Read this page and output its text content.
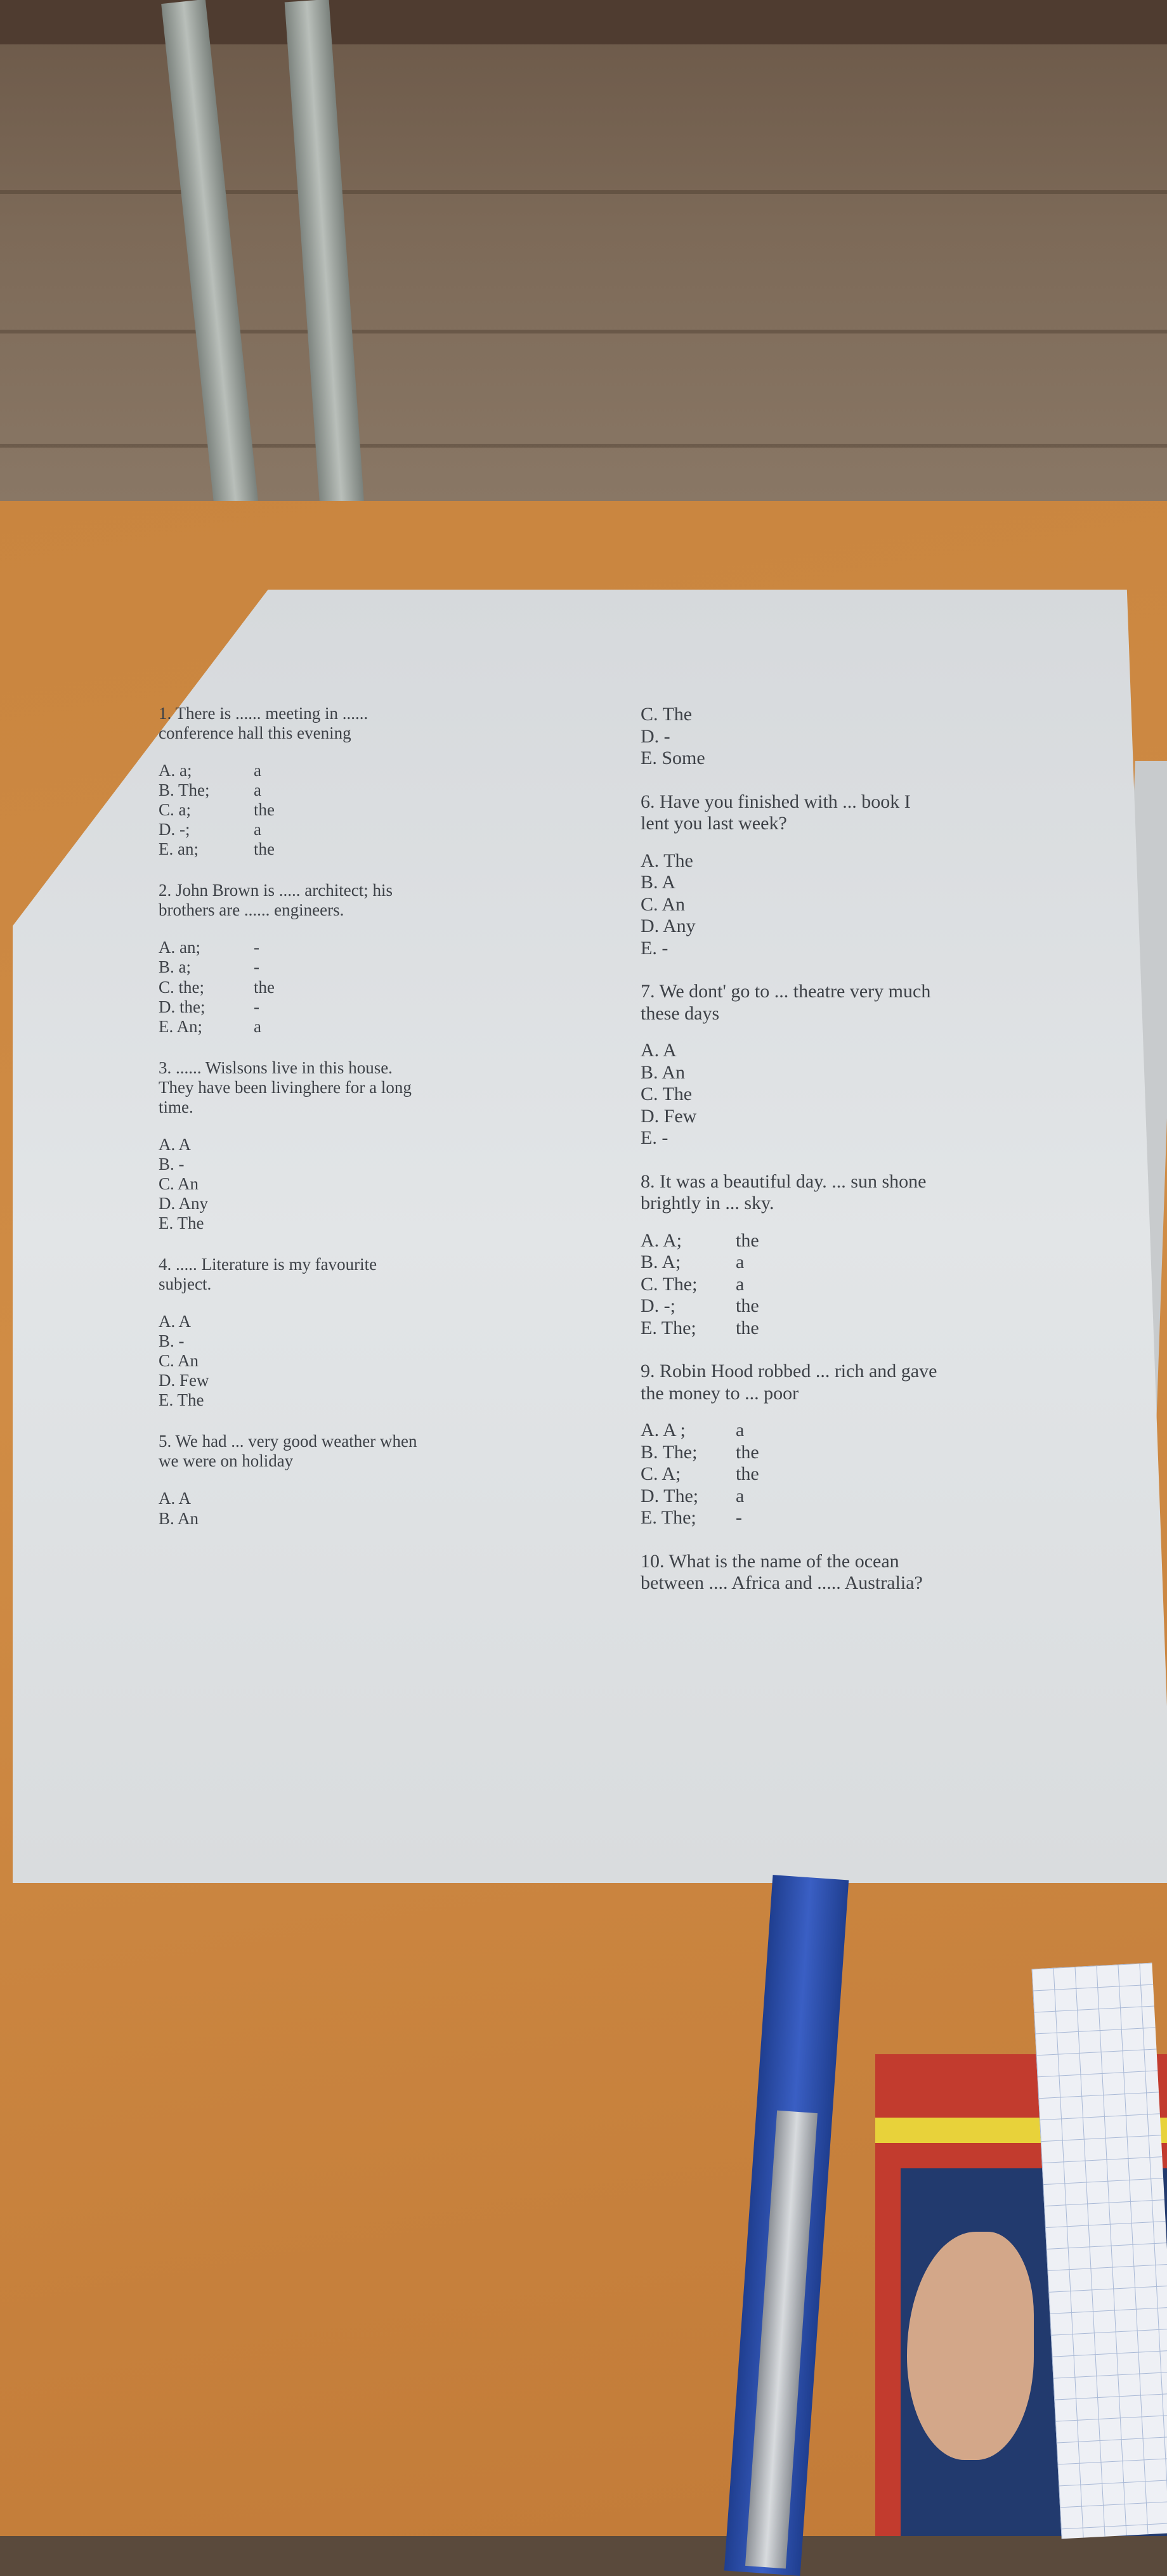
1. There is ...... meeting in ......
conference hall this evening
A. a;	a
B. The;	a
C. a;	the
D. -;	a
E. an;	the
2. John Brown is ..... architect; his
brothers are ...... engineers.
A. an;	-
B. a;	-
C. the;	the
D. the;	-
E. An;	a
3. ...... Wislsons live in this house.
They have been livinghere for a long
time.
A. A
B. -
C. An
D. Any
E. The
4. ..... Literature is my favourite
subject.
A. A
B. -
C. An
D. Few
E. The
5. We had ... very good weather when
we were on holiday
A. A
B. An
C. The
D. -
E. Some
6. Have you finished with ... book I
lent you last week?
A. The
B. A
C. An
D. Any
E. -
7. We dont' go to ... theatre very much
these days
A. A
B. An
C. The
D. Few
E. -
8. It was a beautiful day. ... sun shone
brightly in ... sky.
A. A;	the
B. A;	a
C. The; a
D. -;	the
E. The; the
9. Robin Hood robbed ... rich and gave
the money to ... poor
A. A ;	a
B. The; the
C. A;	the
D. The; a
E. The; -
10. What is the name of the ocean
between .... Africa and ..... Australia?
